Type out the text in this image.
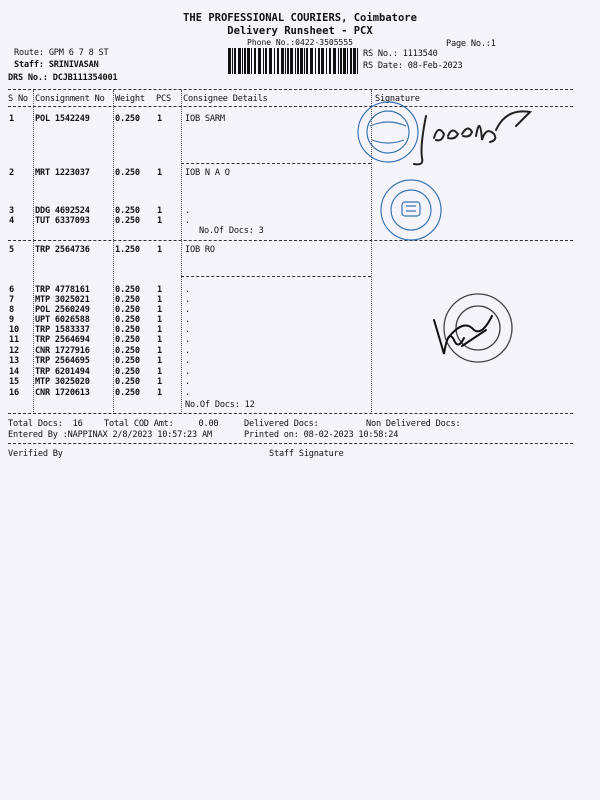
THE PROFESSIONAL COURIERS, Coimbatore
Delivery Runsheet - PCX
Phone No.:0422-3505555	Page No.:1
Route: GPM 6 7 8 ST
Staff: SRINIVASAN
DRS No.: DCJB111354001
RS No.: 1113540
RS Date: 08-Feb-2023
S No Consignment No Weight PCS Consignee Details	Signature
1 POL 1542249	0.250 1	IOB SARM
2 MRT 1223037	0.250 1	IOB N A O
3 DDG 4692524	0.250 1	.
4 TUT 6337093	0.250 1	.
5 TRP 2564736	1.250 1	IOB RO
6 TRP 4778161	0.250 1	.
7 MTP 3025021	0.250 1	.
8 POL 2560249	0.250 1	.
9 UPT 6026588	0.250 1	.
10 TRP 1583337	0.250 1	.
11 TRP 2564694	0.250 1	.
12 CNR 1727916	0.250 1	.
13 TRP 2564695	0.250 1	.
14 TRP 6201494	0.250 1	.
15 MTP 3025020	0.250 1	.
16 CNR 1720613	0.250 1	.
No.Of Docs: 3
No.Of Docs: 12
Total Docs:  16 Total COD Amt:     0.00	Delivered Docs:	Non Delivered Docs:
Entered By :NAPPINAX 2/8/2023 10:57:23 AM	Printed on: 08-02-2023 10:58:24
Verified By	Staff Signature
